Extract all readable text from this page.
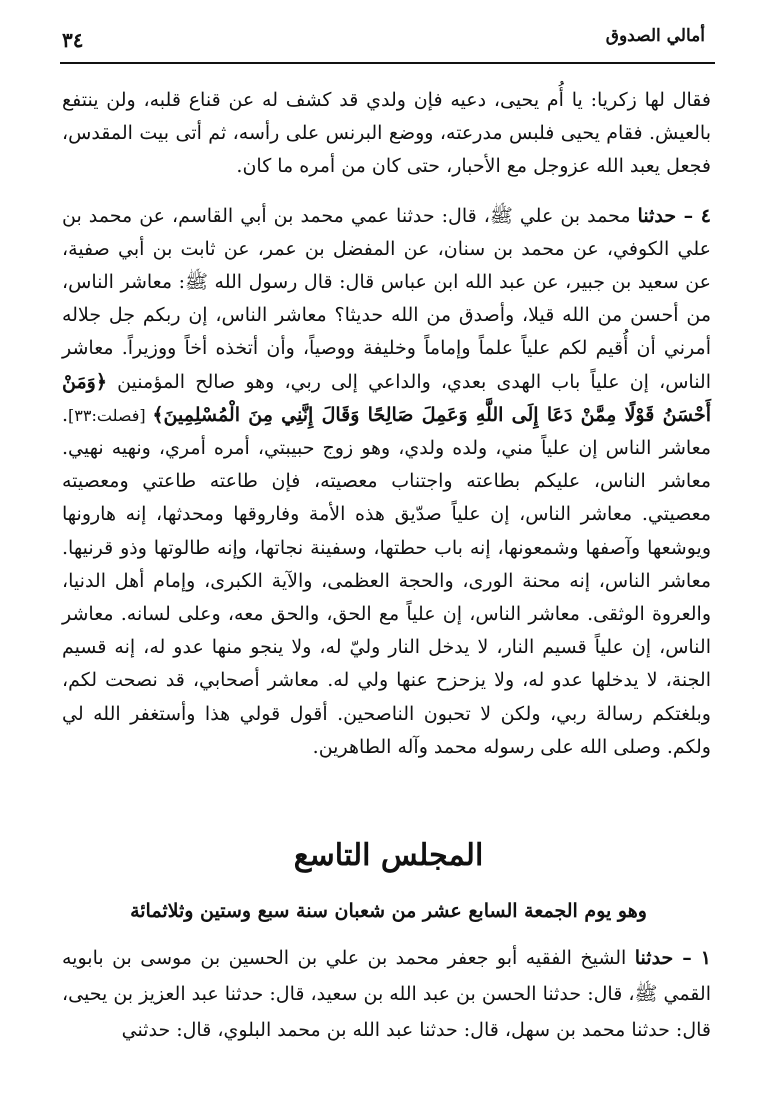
أمالي الصدوق
٣٤

فقال لها زكريا: يا أُم يحيى، دعيه فإن ولدي قد كشف له عن قناع قلبه، ولن ينتفع بالعيش. فقام يحيى فلبس مدرعته، ووضع البرنس على رأسه، ثم أتى بيت المقدس، فجعل يعبد الله عزوجل مع الأحبار، حتى كان من أمره ما كان.

٤ – حدثنا محمد بن علي ﷺ، قال: حدثنا عمي محمد بن أبي القاسم، عن محمد بن علي الكوفي، عن محمد بن سنان، عن المفضل بن عمر، عن ثابت بن أبي صفية، عن سعيد بن جبير، عن عبد الله ابن عباس قال: قال رسول الله ﷺ: معاشر الناس، من أحسن من الله قيلا، وأصدق من الله حديثا؟ معاشر الناس، إن ربكم جل جلاله أمرني أن أُقيم لكم علياً علماً وإماماً وخليفة ووصياً، وأن أتخذه أخاً ووزيراً. معاشر الناس، إن علياً باب الهدى بعدي، والداعي إلى ربي، وهو صالح المؤمنين ﴿وَمَنْ أَحْسَنُ قَوْلًا مِمَّنْ دَعَا إِلَى اللَّهِ وَعَمِلَ صَالِحًا وَقَالَ إِنَّنِي مِنَ الْمُسْلِمِينَ﴾ [فصلت:٣٣]. معاشر الناس إن علياً مني، ولده ولدي، وهو زوج حبيبتي، أمره أمري، ونهيه نهيي. معاشر الناس، عليكم بطاعته واجتناب معصيته، فإن طاعته طاعتي ومعصيته معصيتي. معاشر الناس، إن علياً صدّيق هذه الأمة وفاروقها ومحدثها، إنه هارونها ويوشعها وآصفها وشمعونها، إنه باب حطتها، وسفينة نجاتها، وإنه طالوتها وذو قرنيها. معاشر الناس، إنه محنة الورى، والحجة العظمى، والآية الكبرى، وإمام أهل الدنيا، والعروة الوثقى. معاشر الناس، إن علياً مع الحق، والحق معه، وعلى لسانه. معاشر الناس، إن علياً قسيم النار، لا يدخل النار وليّ له، ولا ينجو منها عدو له، إنه قسيم الجنة، لا يدخلها عدو له، ولا يزحزح عنها ولي له. معاشر أصحابي، قد نصحت لكم، وبلغتكم رسالة ربي، ولكن لا تحبون الناصحين. أقول قولي هذا وأستغفر الله لي ولكم. وصلى الله على رسوله محمد وآله الطاهرين.

المجلس التاسع
وهو يوم الجمعة السابع عشر من شعبان سنة سبع وستين وثلاثمائة

١ – حدثنا الشيخ الفقيه أبو جعفر محمد بن علي بن الحسين بن موسى بن بابويه القمي ﷺ، قال: حدثنا الحسن بن عبد الله بن سعيد، قال: حدثنا عبد العزيز بن يحيى، قال: حدثنا محمد بن سهل، قال: حدثنا عبد الله بن محمد البلوي، قال: حدثني
